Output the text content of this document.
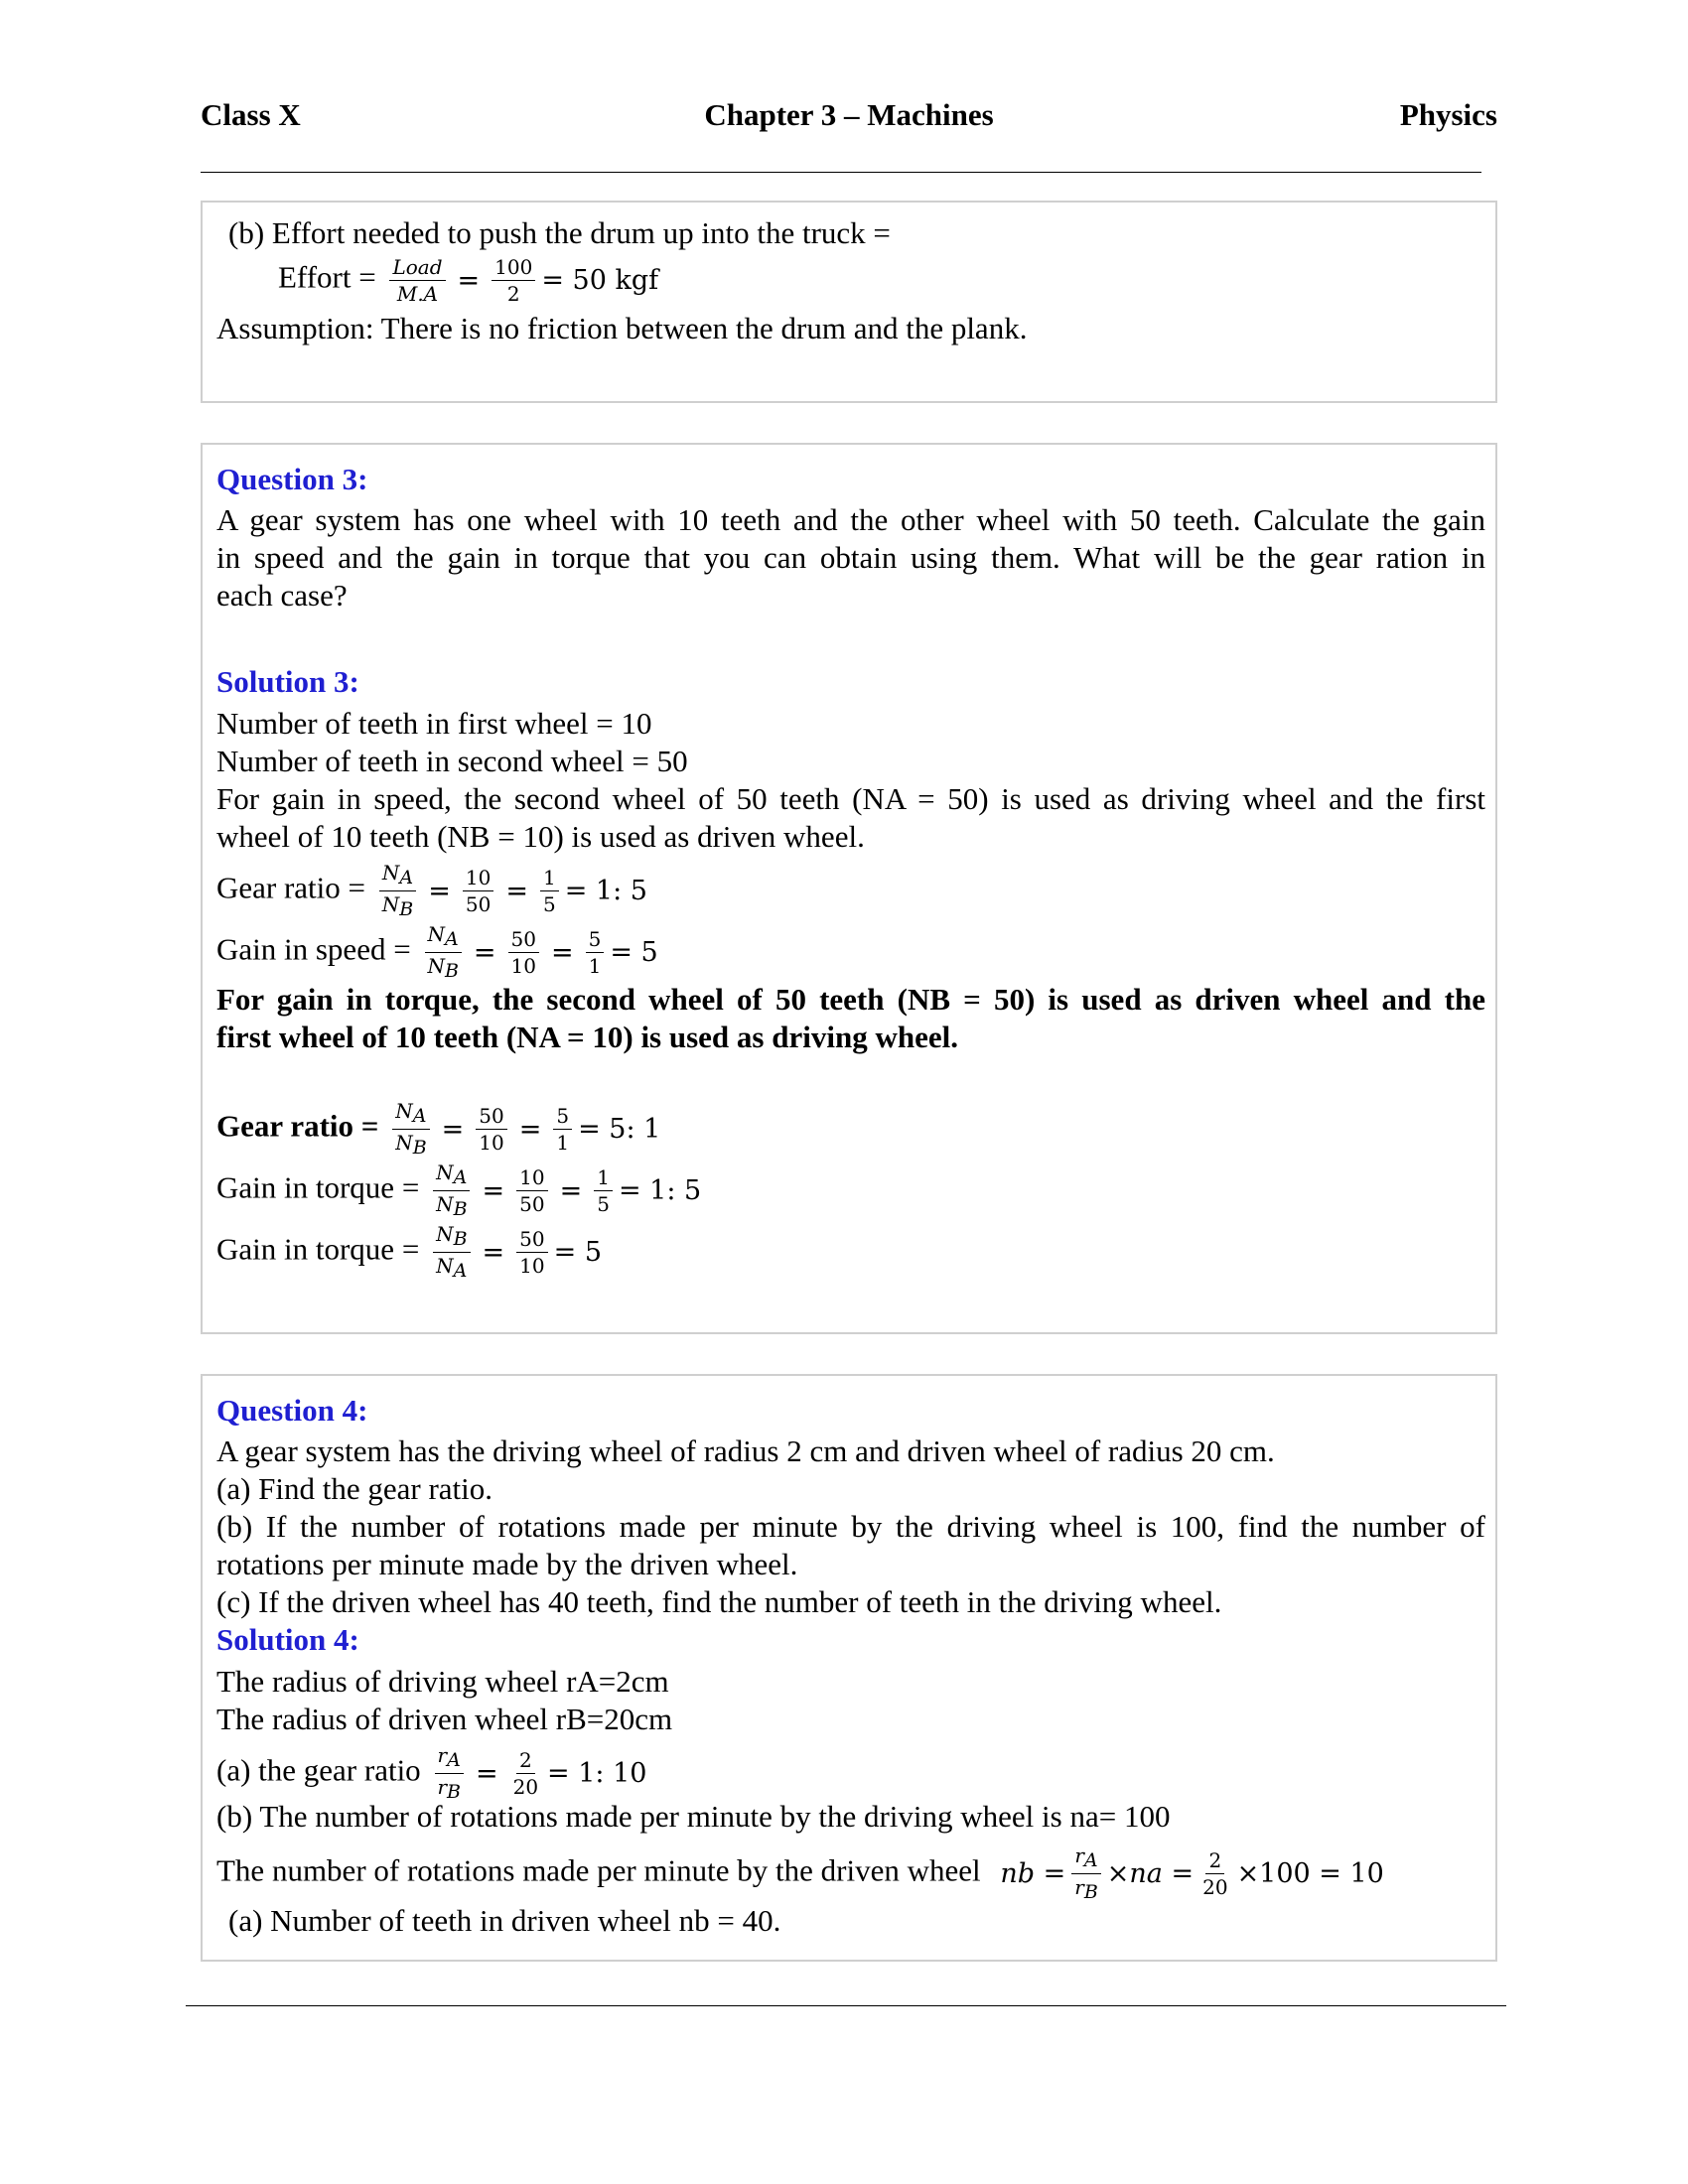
Class X	Chapter 3 – Machines	Physics
(b) Effort needed to push the drum up into the truck =
Effort = $\frac{\text{Load}}{M.A} = \frac{100}{2} = 50$ kgf
Assumption: There is no friction between the drum and the plank.
Question 3:
A gear system has one wheel with 10 teeth and the other wheel with 50 teeth. Calculate the gain
in speed and the gain in torque that you can obtain using them. What will be the gear ration in
each case?
Solution 3:
Number of teeth in first wheel = 10
Number of teeth in second wheel = 50
For gain in speed, the second wheel of 50 teeth (NA = 50) is used as driving wheel and the first
wheel of 10 teeth (NB = 10) is used as driven wheel.
Gear ratio = $\frac{NA}{NB} = \frac{10}{50} = \frac{1}{5} = 1$: 5
Gain in speed = $\frac{NA}{NB} = \frac{50}{10} = \frac{5}{1} = 5$
For gain in torque, the second wheel of 50 teeth (NB = 50) is used as driven wheel and the
first wheel of 10 teeth (NA = 10) is used as driving wheel.
Gear ratio = $\frac{NA}{NB} = \frac{50}{10} = \frac{5}{1} = 5$: 1
Gain in torque = $\frac{NA}{NB} = \frac{10}{50} = \frac{1}{5} = 1$: 5
Gain in torque = $\frac{NB}{NA} = \frac{50}{10} = 5$
Question 4:
A gear system has the driving wheel of radius 2 cm and driven wheel of radius 20 cm.
(a) Find the gear ratio.
(b) If the number of rotations made per minute by the driving wheel is 100, find the number of
rotations per minute made by the driven wheel.
(c) If the driven wheel has 40 teeth, find the number of teeth in the driving wheel.
Solution 4:
The radius of driving wheel rA=2cm
The radius of driven wheel rB=20cm
(a) the gear ratio $\frac{rA}{rB} = \frac{2}{20} = 1$: 10
(b) The number of rotations made per minute by the driving wheel is na= 100
The number of rotations made per minute by the driven wheel nb = $\frac{rA}{rB} \times na = \frac{2}{20} \times 100 = 10$
(a) Number of teeth in driven wheel nb = 40.
